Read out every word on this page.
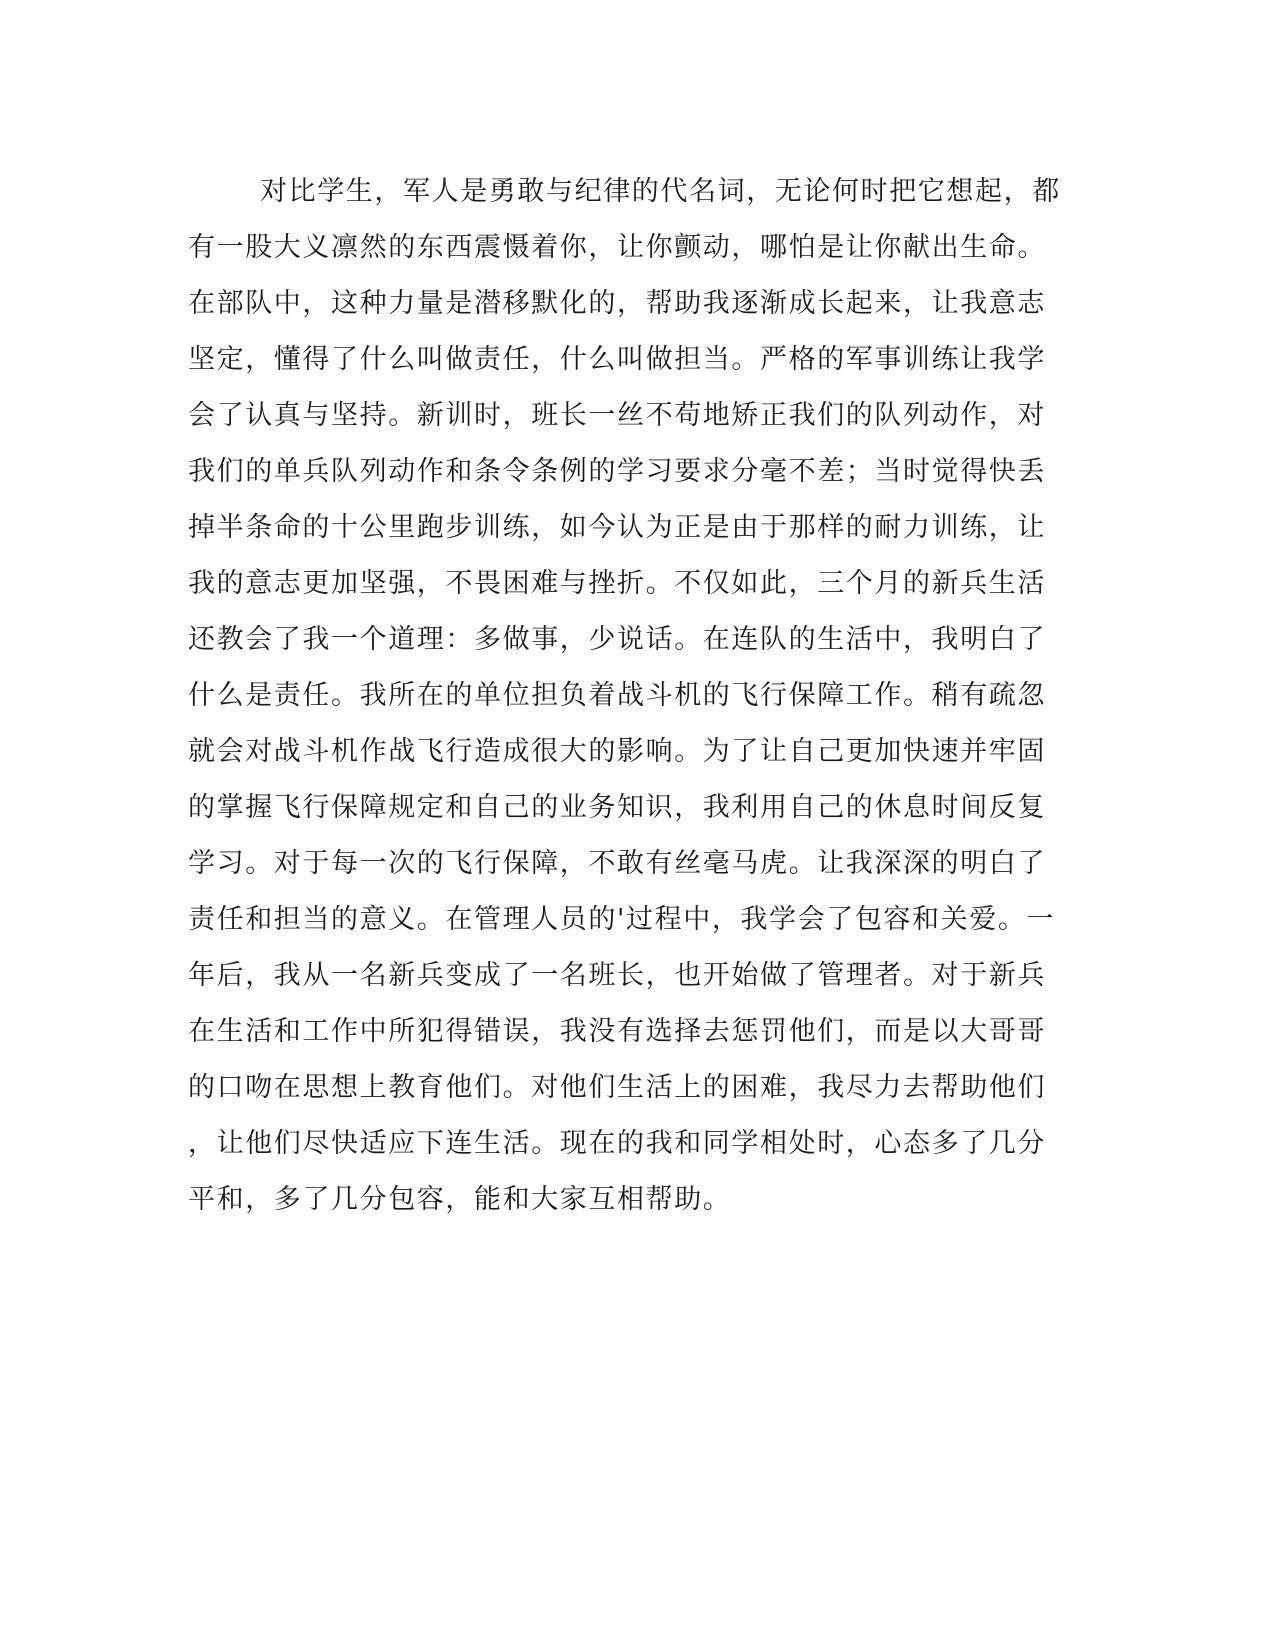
对比学生，军人是勇敢与纪律的代名词，无论何时把它想起，都
有一股大义凛然的东西震慑着你，让你颤动，哪怕是让你献出生命。
在部队中，这种力量是潜移默化的，帮助我逐渐成长起来，让我意志
坚定，懂得了什么叫做责任，什么叫做担当。严格的军事训练让我学
会了认真与坚持。新训时，班长一丝不苟地矫正我们的队列动作，对
我们的单兵队列动作和条令条例的学习要求分毫不差；当时觉得快丢
掉半条命的十公里跑步训练，如今认为正是由于那样的耐力训练，让
我的意志更加坚强，不畏困难与挫折。不仅如此，三个月的新兵生活
还教会了我一个道理：多做事，少说话。在连队的生活中，我明白了
什么是责任。我所在的单位担负着战斗机的飞行保障工作。稍有疏忽
就会对战斗机作战飞行造成很大的影响。为了让自己更加快速并牢固
的掌握飞行保障规定和自己的业务知识，我利用自己的休息时间反复
学习。对于每一次的飞行保障，不敢有丝毫马虎。让我深深的明白了
责任和担当的意义。在管理人员的'过程中，我学会了包容和关爱。一
年后，我从一名新兵变成了一名班长，也开始做了管理者。对于新兵
在生活和工作中所犯得错误，我没有选择去惩罚他们，而是以大哥哥
的口吻在思想上教育他们。对他们生活上的困难，我尽力去帮助他们
，让他们尽快适应下连生活。现在的我和同学相处时，心态多了几分
平和，多了几分包容，能和大家互相帮助。
